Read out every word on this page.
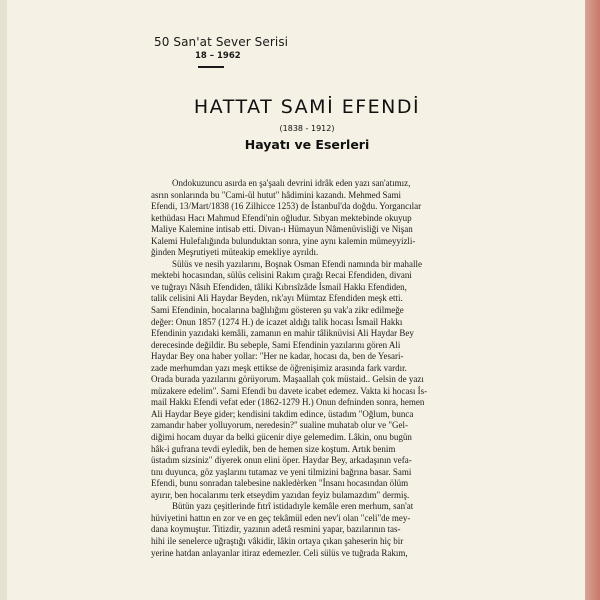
50 San'at Sever Serisi
18 – 1962
HATTAT SAMİ EFENDİ
(1838 - 1912)
Hayatı ve Eserleri
Ondokuzuncu asırda en şa'şaalı devrini idrâk eden yazı san'atımız,
asrın sonlarında bu "Cami-ül hutut" hâdimini kazandı. Mehmed Sami
Efendi, 13/Mart/1838 (16 Zilhicce 1253) de İstanbul'da doğdu. Yorgancılar
kethüdası Hacı Mahmud Efendi'nin oğludur. Sıbyan mektebinde okuyup
Maliye Kalemine intisab etti. Divan-ı Hümayun Nâmenüvisliği ve Nişan
Kalemi Hulefalığında bulunduktan sonra, yine aynı kalemin mümeyyizli-
ğinden Meşrutiyeti müteakip emekliye ayrıldı.
Sülüs ve nesih yazılarını, Boşnak Osman Efendi namında bir mahalle
mektebi hocasından, sülüs celisini Rakım çırağı Recai Efendiden, divani
ve tuğrayı Nâsıh Efendiden, tâliki Kıbrısîzâde İsmail Hakkı Efendiden,
talik celisini Ali Haydar Beyden, rık'ayı Mümtaz Efendiden meşk etti.
Sami Efendinin, hocalarına bağlılığını gösteren şu vak'a zikr edilmeğe
değer: Onun 1857 (1274 H.) de icazet aldığı talik hocası İsmail Hakkı
Efendinin yazıdaki kemâli, zamanın en mahir tâliknüvisi Ali Haydar Bey
derecesinde değildir. Bu sebeple, Sami Efendinin yazılarını gören Ali
Haydar Bey ona haber yollar: "Her ne kadar, hocası da, ben de Yesari-
zade merhumdan yazı meşk ettikse de öğrenişimiz arasında fark vardır.
Orada burada yazılarını görüyorum. Maşaallah çok müstaid.. Gelsin de yazı
müzakere edelim". Sami Efendi bu davete icabet edemez. Vakta ki hocası İs-
mail Hakkı Efendi vefat eder (1862-1279 H.) Onun defninden sonra, hemen
Ali Haydar Beye gider; kendisini takdim edince, üstadım "Oğlum, bunca
zamandır haber yolluyorum, neredesin?" sualine muhatab olur ve "Gel-
diğimi hocam duyar da belki gücenir diye gelemedim. Lâkin, onu bugün
hâk-i gufrana tevdi eyledik, ben de hemen size koştum. Artık benim
üstadım sizsiniz" diyerek onun elini öper. Haydar Bey, arkadaşının vefa-
tını duyunca, göz yaşlarını tutamaz ve yeni tilmizini bağrına basar. Sami
Efendi, bunu sonradan talebesine nakledèrken "İnsanı hocasından ölüm
ayırır, ben hocalarımı terk etseydim yazıdan feyiz bulamazdım" dermiş.
Bütün yazı çeşitlerinde fıtrî istidadıyle kemâle eren merhum, san'at
hüviyetini hattın en zor ve en geç tekâmül eden nev'i olan "celi"de mey-
dana koymuştur. Titizdir, yazının adetâ resmini yapar, bazılarının tas-
hihi ile senelerce uğraştığı vâkidir, lâkin ortaya çıkan şaheserin hiç bir
yerine hatdan anlayanlar itiraz edemezler. Celi sülüs ve tuğrada Rakım,
